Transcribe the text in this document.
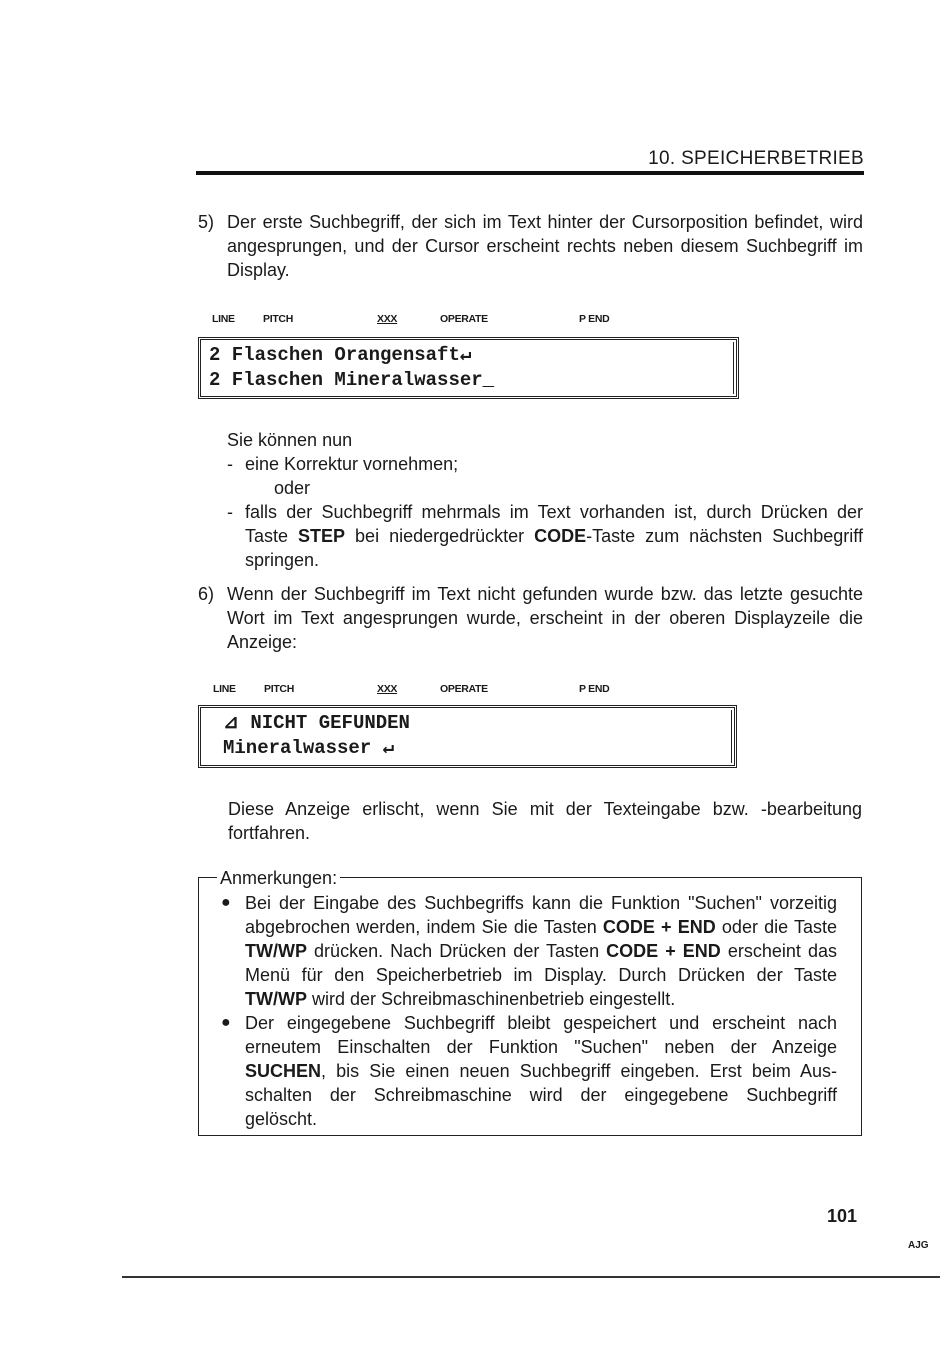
10. SPEICHERBETRIEB
5) Der erste Suchbegriff, der sich im Text hinter der Cursorposition befindet, wird angesprungen, und der Cursor erscheint rechts neben diesem Suchbegriff im Display.
LINE	PITCH	XXX	OPERATE	P END
2 Flaschen Orangensaft↵
2 Flaschen Mineralwasser_
Sie können nun
- eine Korrektur vornehmen;
oder
- falls der Suchbegriff mehrmals im Text vorhanden ist, durch Drücken der Taste STEP bei niedergedrückter CODE-Taste zum nächsten Suchbegriff springen.
6) Wenn der Suchbegriff im Text nicht gefunden wurde bzw. das letzte gesuchte Wort im Text angesprungen wurde, erscheint in der oberen Displayzeile die Anzeige:
LINE	PITCH	XXX	OPERATE	P END
⊿ NICHT GEFUNDEN
Mineralwasser ↵
Diese Anzeige erlischt, wenn Sie mit der Texteingabe bzw. -bearbeitung fortfahren.
Anmerkungen:
● Bei der Eingabe des Suchbegriffs kann die Funktion "Suchen" vorzeitig abgebrochen werden, indem Sie die Tasten CODE + END oder die Taste TW/WP drücken. Nach Drücken der Tasten CODE + END erscheint das Menü für den Speicherbetrieb im Display. Durch Drücken der Taste TW/WP wird der Schreibmaschinenbetrieb eingestellt.
● Der eingegebene Suchbegriff bleibt gespeichert und erscheint nach erneutem Einschalten der Funktion "Suchen" neben der Anzeige SUCHEN, bis Sie einen neuen Suchbegriff eingeben. Erst beim Ausschalten der Schreibmaschine wird der eingegebene Suchbegriff gelöscht.
101
AJG
